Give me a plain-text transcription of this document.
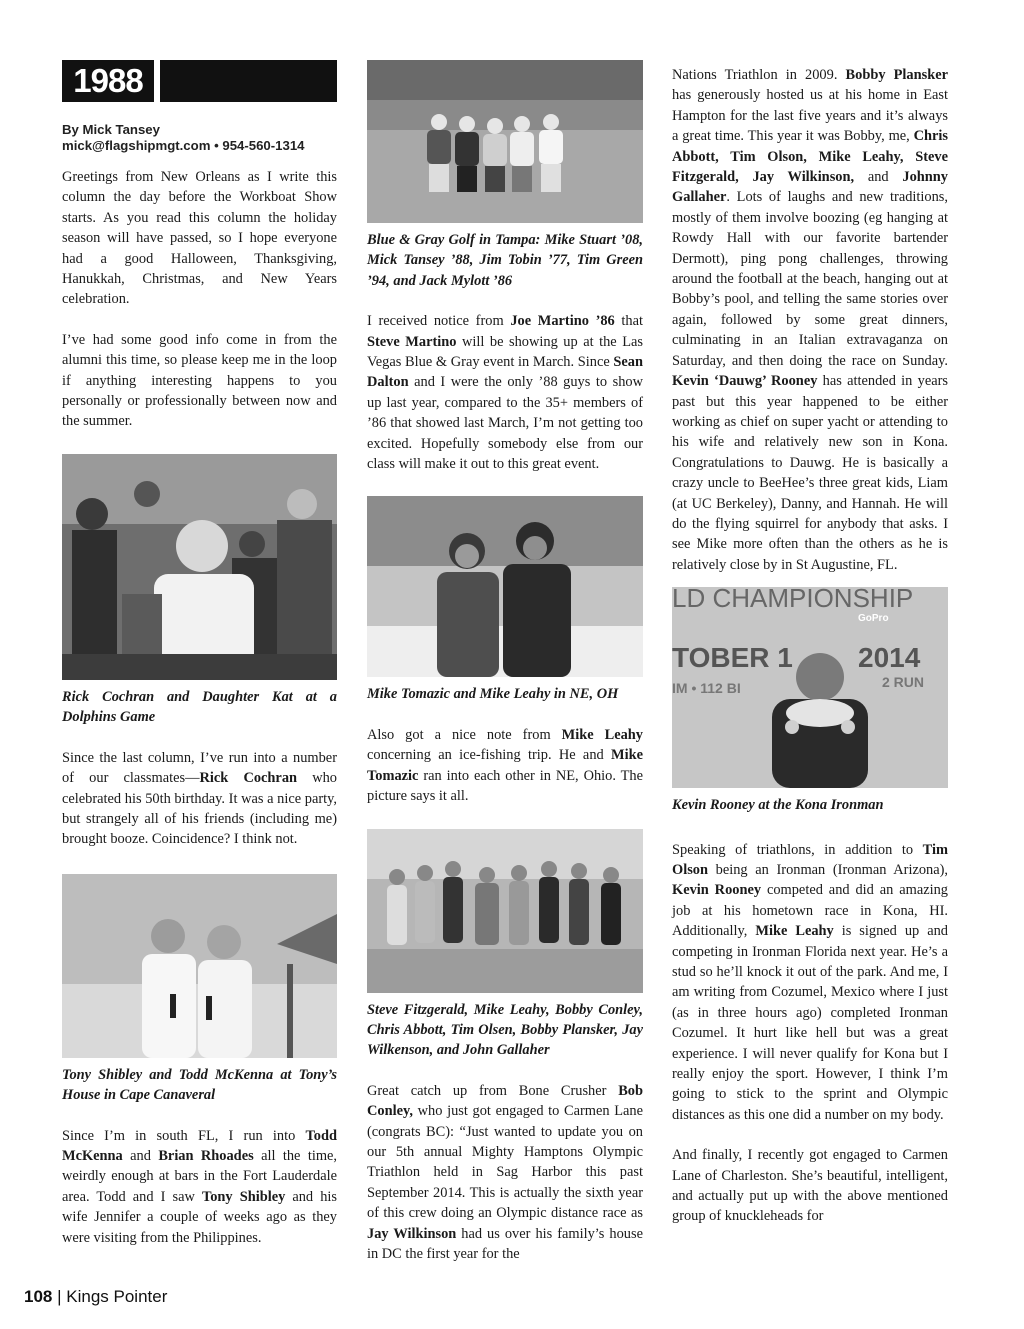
1988
By Mick Tansey
mick@flagshipmgt.com • 954-560-1314

Greetings from New Orleans as I write this column the day before the Workboat Show starts. As you read this column the holiday season will have passed, so I hope everyone had a good Halloween, Thanksgiving, Hanukkah, Christmas, and New Years celebration.

I’ve had some good info come in from the alumni this time, so please keep me in the loop if anything interesting happens to you personally or professionally between now and the summer.

Rick Cochran and Daughter Kat at a Dolphins Game

Since the last column, I’ve run into a number of our classmates—Rick Cochran who celebrated his 50th birthday. It was a nice party, but strangely all of his friends (including me) brought booze. Coincidence? I think not.

Tony Shibley and Todd McKenna at Tony’s House in Cape Canaveral

Since I’m in south FL, I run into Todd McKenna and Brian Rhoades all the time, weirdly enough at bars in the Fort Lauderdale area. Todd and I saw Tony Shibley and his wife Jennifer a couple of weeks ago as they were visiting from the Philippines.

Blue & Gray Golf in Tampa: Mike Stuart ’08, Mick Tansey ’88, Jim Tobin ’77, Tim Green ’94, and Jack Mylott ’86

I received notice from Joe Martino ’86 that Steve Martino will be showing up at the Las Vegas Blue & Gray event in March. Since Sean Dalton and I were the only ’88 guys to show up last year, compared to the 35+ members of ’86 that showed last March, I’m not getting too excited. Hopefully somebody else from our class will make it out to this great event.

Mike Tomazic and Mike Leahy in NE, OH

Also got a nice note from Mike Leahy concerning an ice-fishing trip. He and Mike Tomazic ran into each other in NE, Ohio. The picture says it all.

Steve Fitzgerald, Mike Leahy, Bobby Conley, Chris Abbott, Tim Olsen, Bobby Plansker, Jay Wilkenson, and John Gallaher

Great catch up from Bone Crusher Bob Conley, who just got engaged to Carmen Lane (congrats BC): “Just wanted to update you on our 5th annual Mighty Hamptons Olympic Triathlon held in Sag Harbor this past September 2014. This is actually the sixth year of this crew doing an Olympic distance race as Jay Wilkinson had us over his family’s house in DC the first year for the

Nations Triathlon in 2009. Bobby Plansker has generously hosted us at his home in East Hampton for the last five years and it’s always a great time. This year it was Bobby, me, Chris Abbott, Tim Olson, Mike Leahy, Steve Fitzgerald, Jay Wilkinson, and Johnny Gallaher. Lots of laughs and new traditions, mostly of them involve boozing (eg hanging at Rowdy Hall with our favorite bartender Dermott), ping pong challenges, throwing around the football at the beach, hanging out at Bobby’s pool, and telling the same stories over again, followed by some great dinners, culminating in an Italian extravaganza on Saturday, and then doing the race on Sunday. Kevin ‘Dauwg’ Rooney has attended in years past but this year happened to be either working as chief on super yacht or attending to his wife and relatively new son in Kona. Congratulations to Dauwg. He is basically a crazy uncle to BeeHee’s three great kids, Liam (at UC Berkeley), Danny, and Hannah. He will do the flying squirrel for anybody that asks. I see Mike more often than the others as he is relatively close by in St Augustine, FL.

LD CHAMPIONSHIP
GoPro
TOBER 1 2014
IM • 112 BI	2 RUN

Kevin Rooney at the Kona Ironman

Speaking of triathlons, in addition to Tim Olson being an Ironman (Ironman Arizona), Kevin Rooney competed and did an amazing job at his hometown race in Kona, HI. Additionally, Mike Leahy is signed up and competing in Ironman Florida next year. He’s a stud so he’ll knock it out of the park. And me, I am writing from Cozumel, Mexico where I just (as in three hours ago) completed Ironman Cozumel. It hurt like hell but was a great experience. I will never qualify for Kona but I really enjoy the sport. However, I think I’m going to stick to the sprint and Olympic distances as this one did a number on my body.

And finally, I recently got engaged to Carmen Lane of Charleston. She’s beautiful, intelligent, and actually put up with the above mentioned group of knuckleheads for

108 | Kings Pointer
